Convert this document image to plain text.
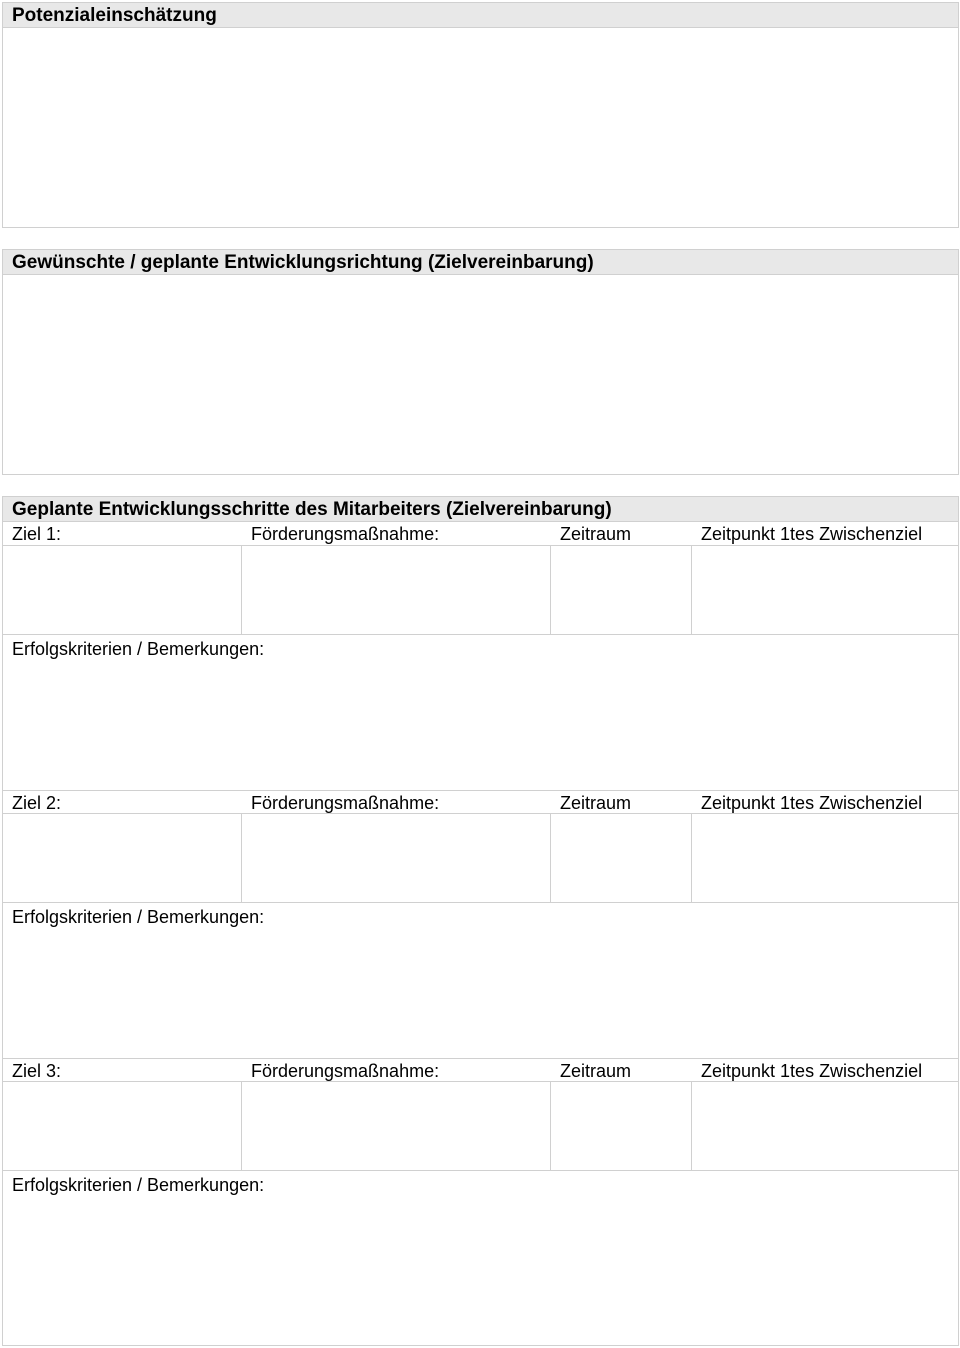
Potenzialeinschätzung
Gewünschte / geplante Entwicklungsrichtung (Zielvereinbarung)
Geplante Entwicklungsschritte des Mitarbeiters (Zielvereinbarung)
Ziel 1:	Förderungsmaßnahme:	Zeitraum	Zeitpunkt 1tes Zwischenziel
Erfolgskriterien / Bemerkungen:
Ziel 2:	Förderungsmaßnahme:	Zeitraum	Zeitpunkt 1tes Zwischenziel
Erfolgskriterien / Bemerkungen:
Ziel 3:	Förderungsmaßnahme:	Zeitraum	Zeitpunkt 1tes Zwischenziel
Erfolgskriterien / Bemerkungen:
